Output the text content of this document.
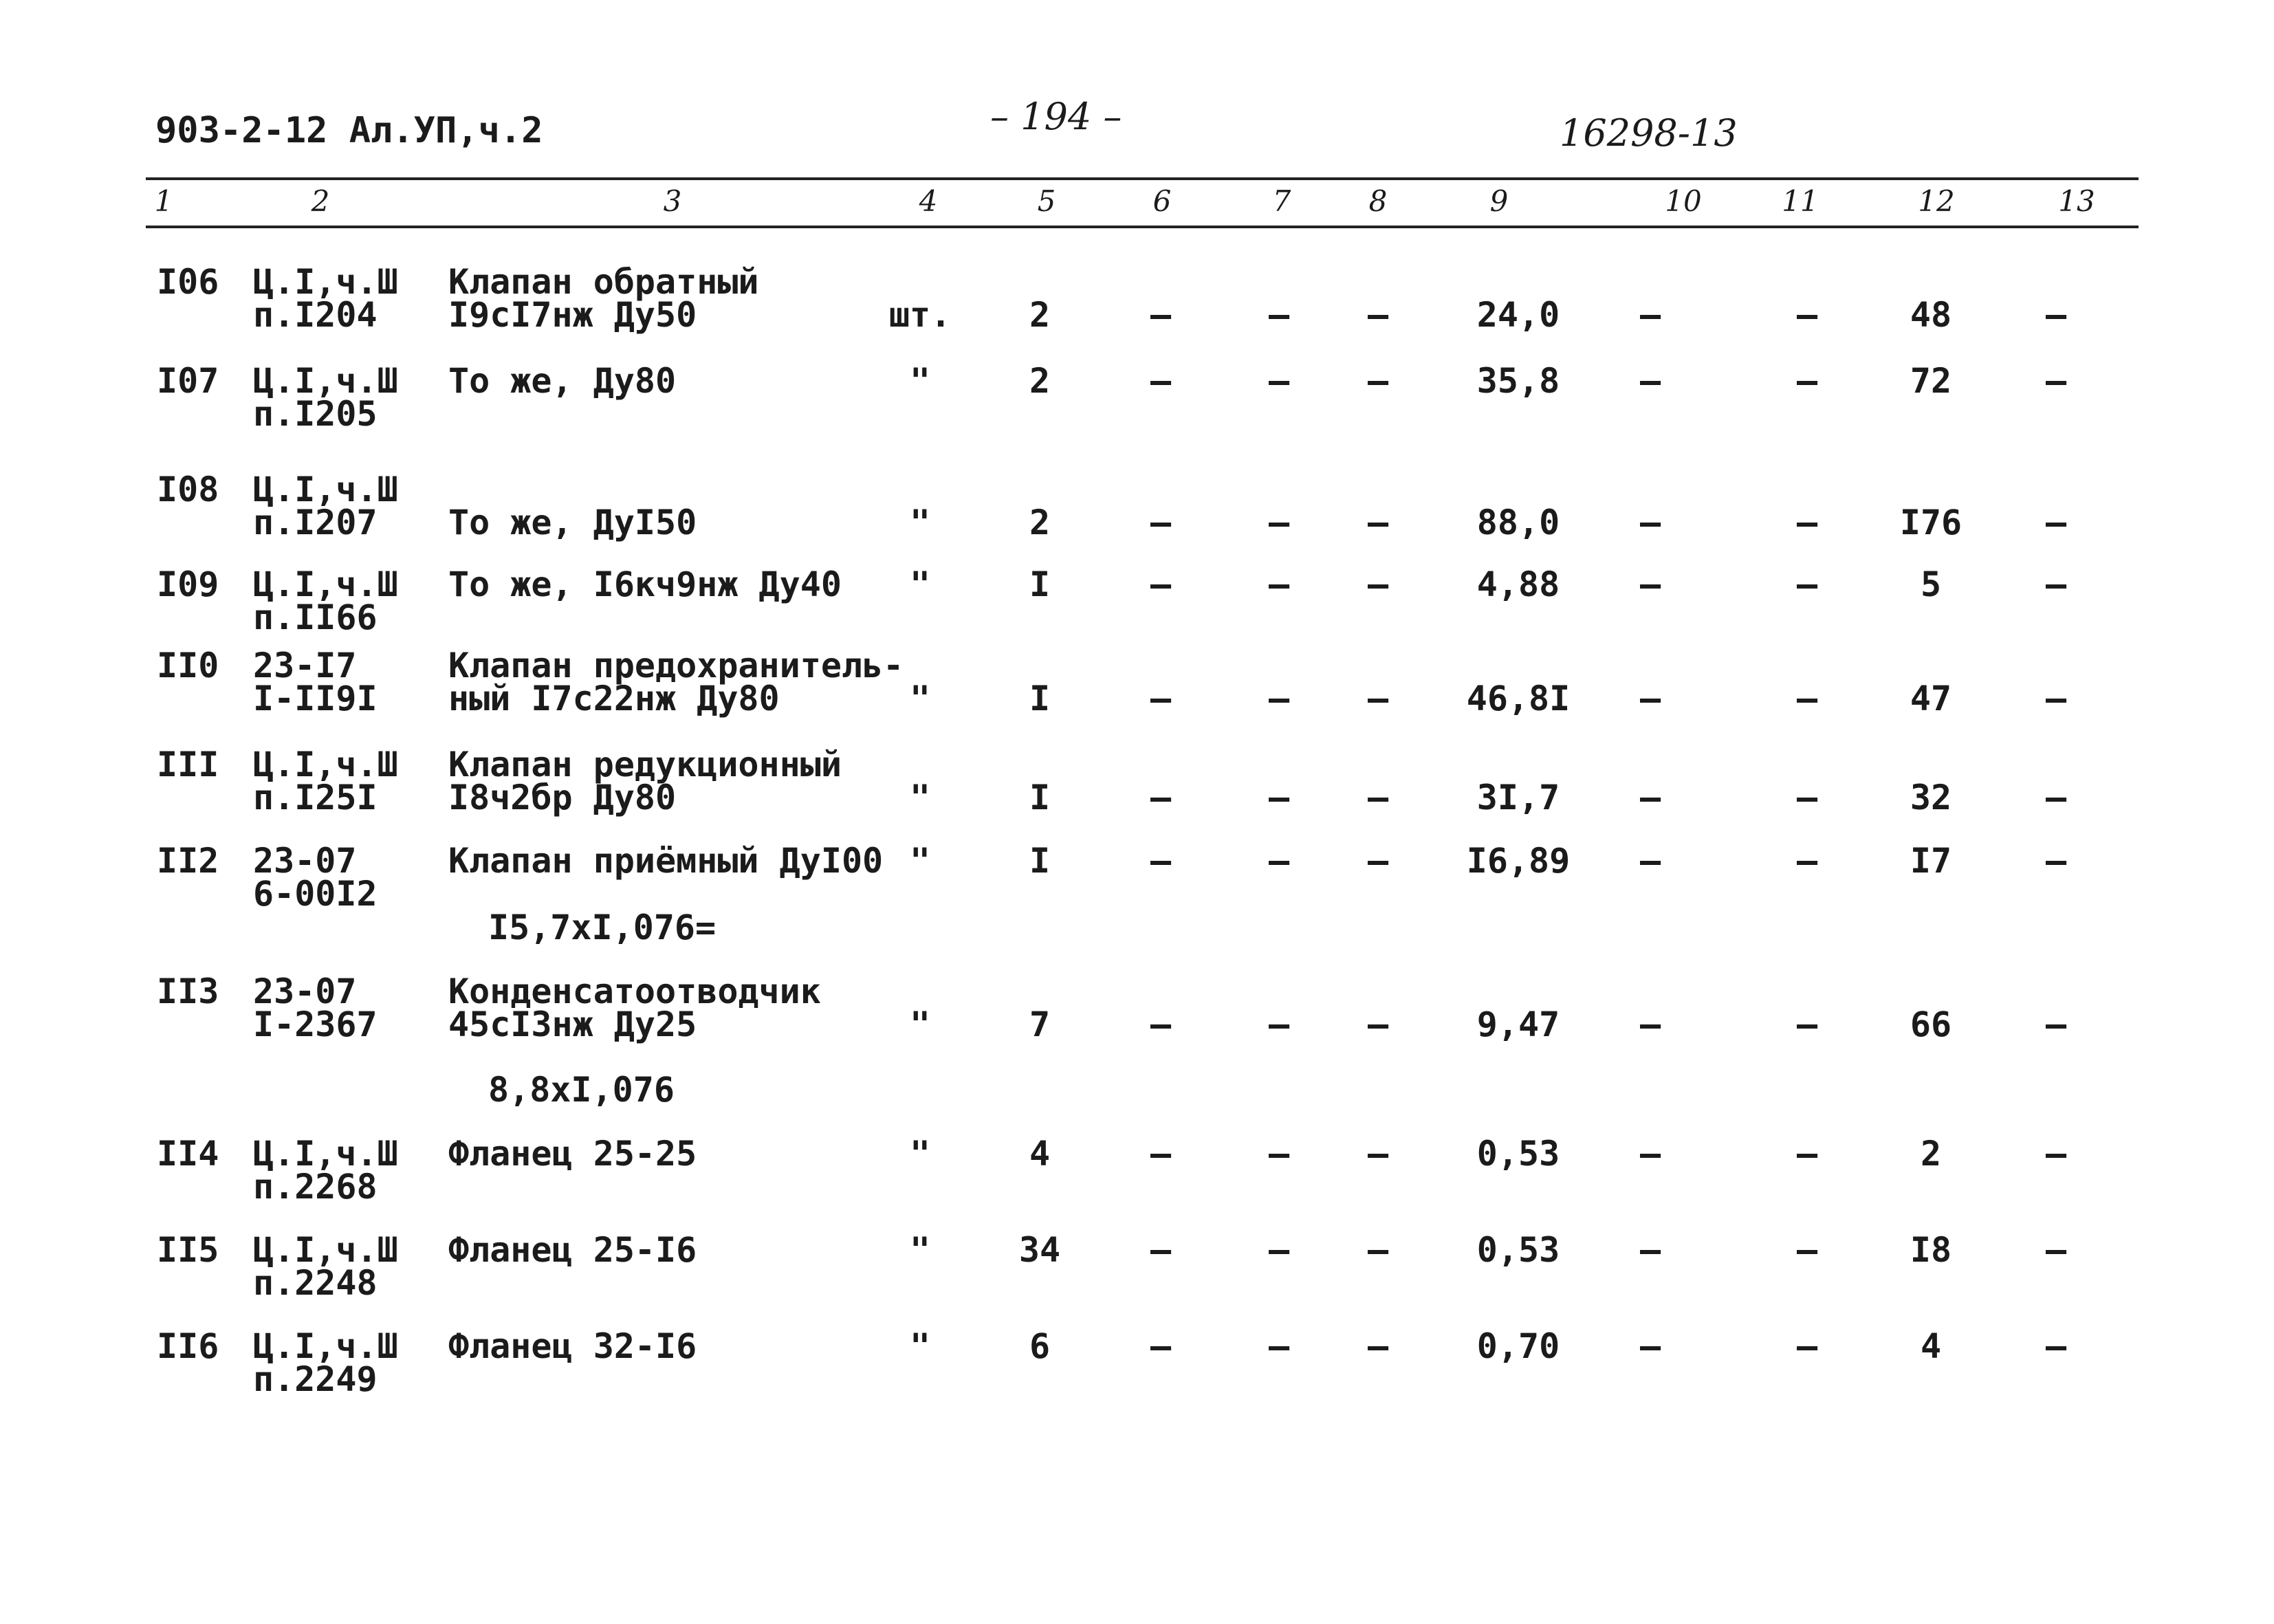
903-2-12 Ал.УП,ч.2	– 194 –	16298-13
1	2	3	4	5	6	7	8	9	10	11	12	13
I06 Ц.I,ч.Ш
п.I204
Клапан обратный
I9cI7нж Ду50	шт. 2	–	– –	24,0 –	–	48	–
I07 Ц.I,ч.Ш
п.I205
То же, Ду80	"	2	–	– –	35,8 –	–	72	–
I08 Ц.I,ч.Ш
п.I207 То же, ДуI50	"	2	–	– –	88,0 –	– I76 –
I09 Ц.I,ч.Ш
п.II66
То же, I6кч9нж Ду40 "	I	–	– –	4,88 –	–	5	–
II0 23-I7
I-II9I
Клапан предохранитель-
ный I7c22нж Ду80	"	I	–	– – 46,8I –	–	47	–
III Ц.I,ч.Ш
п.I25I
Клапан редукционный
I8ч2бр Ду80	"	I	–	– –	3I,7 –	–	32	–
II2 23-07
6-00I2
Клапан приёмный ДуI00 "	I	–	– – I6,89 –	–	I7	–
I5,7хI,076=
II3 23-07
I-2367
Конденсатоотводчик
45cI3нж Ду25	"	7	–	– –	9,47 –	–	66	–
8,8хI,076
II4 Ц.I,ч.Ш
п.2268
Фланец 25-25	"	4	–	– –	0,53 –	–	2	–
II5 Ц.I,ч.Ш
п.2248
Фланец 25-I6	"	34	–	– –	0,53 –	–	I8	–
II6 Ц.I,ч.Ш
п.2249
Фланец 32-I6	"	6	–	– –	0,70 –	–	4	–
